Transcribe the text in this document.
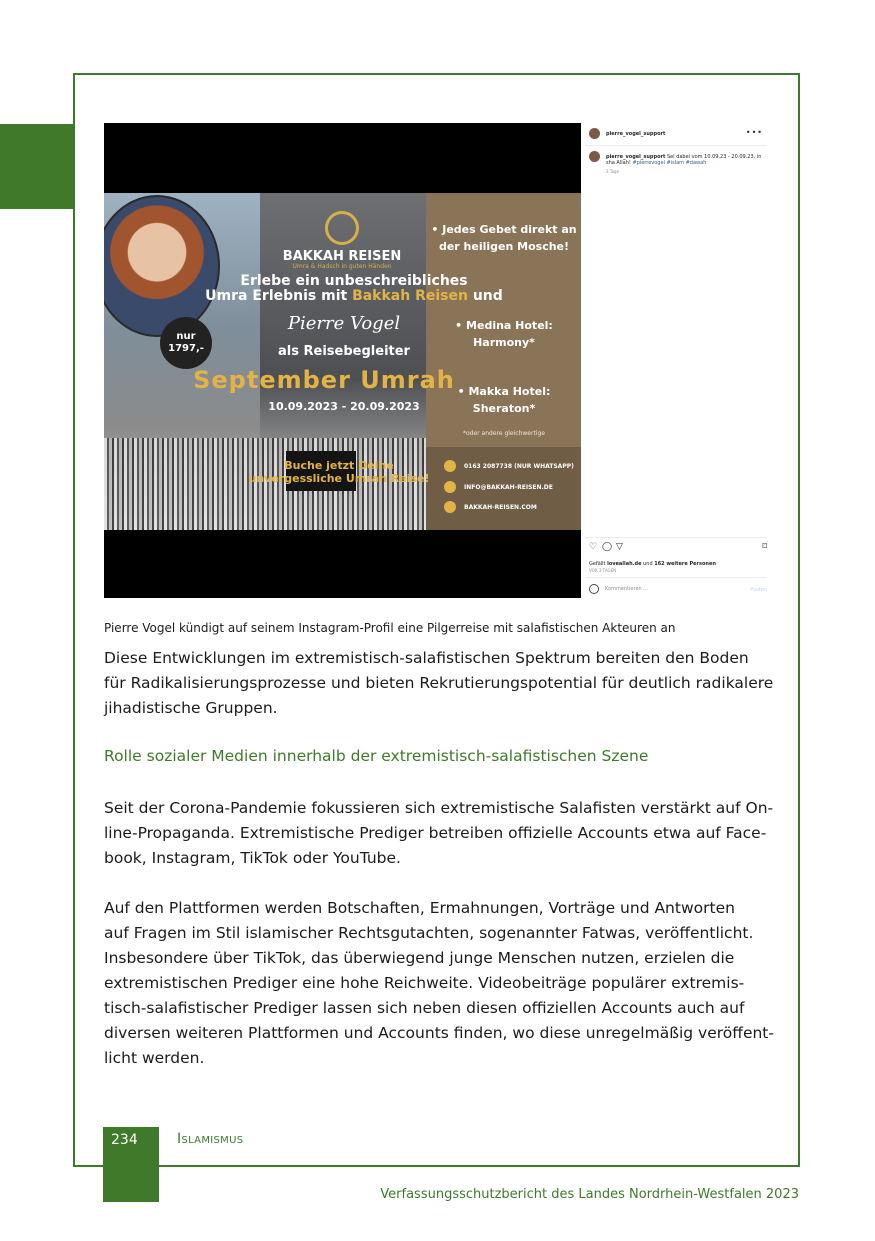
nur
1797,-
BAKKAH REISEN
Umra & Hadsch in guten Händen
Erlebe ein unbeschreibliches
Umra Erlebnis mit Bakkah Reisen und
Pierre Vogel
als Reisebegleiter
September Umrah
10.09.2023 - 20.09.2023
Buche jetzt Deine
unvergessliche Umrah Reise!
• Jedes Gebet direkt an der heiligen Mosche!
• Medina Hotel: Harmony*
• Makka Hotel: Sheraton*
*oder andere gleichwertige
0163 2087738 (NUR WHATSAPP)
INFO@BAKKAH-REISEN.DE
BAKKAH-REISEN.COM
pierre_vogel_support	•••
pierre_vogel_support Sei dabei vom 10.09.23 - 20.09.23, in sha Allah! #pierrevogel #islam #dawah
3 Tage
♡ ◯ ▽	⌑
Gefällt loveallah.de und 162 weitere Personen
VOR 3 TAGEN
Kommentieren ...	Posten
Pierre Vogel kündigt auf seinem Instagram-Profil eine Pilgerreise mit salafistischen Akteuren an
Diese Entwicklungen im extremistisch-salafistischen Spektrum bereiten den Boden
für Radikalisierungsprozesse und bieten Rekrutierungspotential für deutlich radikalere
jihadistische Gruppen.
Rolle sozialer Medien innerhalb der extremistisch-salafistischen Szene
Seit der Corona-Pandemie fokussieren sich extremistische Salafisten verstärkt auf On-
line-Propaganda. Extremistische Prediger betreiben offizielle Accounts etwa auf Face-
book, Instagram, TikTok oder YouTube.
Auf den Plattformen werden Botschaften, Ermahnungen, Vorträge und Antworten
auf Fragen im Stil islamischer Rechtsgutachten, sogenannter Fatwas, veröffentlicht.
Insbesondere über TikTok, das überwiegend junge Menschen nutzen, erzielen die
extremistischen Prediger eine hohe Reichweite. Videobeiträge populärer extremis-
tisch-salafistischer Prediger lassen sich neben diesen offiziellen Accounts auch auf
diversen weiteren Plattformen und Accounts finden, wo diese unregelmäßig veröffent-
licht werden.
234	Islamismus
Verfassungsschutzbericht des Landes Nordrhein-Westfalen 2023
